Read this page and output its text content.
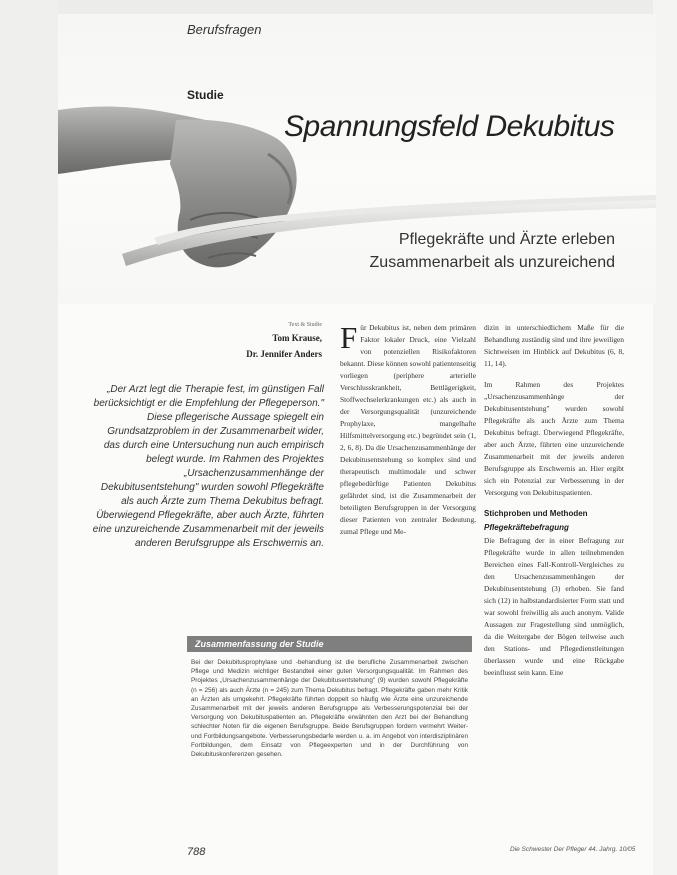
Berufsfragen
Studie
Spannungsfeld Dekubitus
Pflegekräfte und Ärzte erleben
Zusammenarbeit als unzureichend
Text & Studie
Tom Krause,
Dr. Jennifer Anders
„Der Arzt legt die Therapie fest, im günstigen Fall berücksichtigt er die Empfehlung der Pflegeperson." Diese pflegerische Aussage spiegelt ein Grundsatzproblem in der Zusammenarbeit wider, das durch eine Untersuchung nun auch empirisch belegt wurde. Im Rahmen des Projektes „Ursachenzusammenhänge der Dekubitusentstehung" wurden sowohl Pflegekräfte als auch Ärzte zum Thema Dekubitus befragt. Überwiegend Pflegekräfte, aber auch Ärzte, führten eine unzureichende Zusammenarbeit mit der jeweils anderen Berufsgruppe als Erschwernis an.
F ür Dekubitus ist, neben dem primären Faktor lokaler Druck, eine Vielzahl von potenziellen Risikofaktoren bekannt. Diese können sowohl patientenseitig vorliegen (periphere arterielle Verschlusskrankheit, Bettlägerigkeit, Stoffwechselerkrankungen etc.) als auch in der Versorgungsqualität (unzureichende Prophylaxe, mangelhafte Hilfsmittelversorgung etc.) begründet sein (1, 2, 6, 8). Da die Ursachenzusammenhänge der Dekubitusentstehung so komplex sind und therapeutisch multimodale und schwer pflegebedürftige Patienten Dekubitus gefährdet sind, ist die Zusammenarbeit der beteiligten Berufsgruppen in der Versorgung dieser Patienten von zentraler Bedeutung, zumal Pflege und Me-

dizin in unterschiedlichem Maße für die Behandlung zuständig sind und ihre jeweiligen Sichtweisen im Hinblick auf Dekubitus (6, 8, 11, 14).

Im Rahmen des Projektes „Ursachenzusammenhänge der Dekubitusentstehung" wurden sowohl Pflegekräfte als auch Ärzte zum Thema Dekubitus befragt. Überwiegend Pflegekräfte, aber auch Ärzte, führten eine unzureichende Zusammenarbeit mit der jeweils anderen Berufsgruppe als Erschwernis an. Hier ergibt sich ein Potenzial zur Verbesserung in der Versorgung von Dekubituspatienten.

Stichproben und Methoden
Pflegekräftebefragung

Die Befragung der in einer Befragung zur Pflegekräfte wurde in allen teilnehmenden Bereichen eines Fall-Kontroll-Vergleiches zu den Ursachenzusammenhängen der Dekubitusentstehung (3) erhoben. Sie fand sich (12) in halbstandardisierter Form statt und war sowohl freiwillig als auch anonym. Valide Aussagen zur Fragestellung sind unmöglich, da die Weitergabe der Bögen teilweise auch den Stations- und Pflegedienstleitungen überlassen wurde und eine Rückgabe beeinflusst sein kann. Eine

Zusammenfassung der Studie
Bei der Dekubitusprophylaxe und -behandlung ist die berufliche Zusammenarbeit zwischen Pflege und Medizin wichtiger Bestandteil einer guten Versorgungsqualität. Im Rahmen des Projektes „Ursachenzusammenhänge der Dekubitusentstehung" (9) wurden sowohl Pflegekräfte (n = 256) als auch Ärzte (n = 245) zum Thema Dekubitus befragt. Pflegekräfte gaben mehr Kritik an Ärzten als umgekehrt. Pflegekräfte führten doppelt so häufig wie Ärzte eine unzureichende Zusammenarbeit mit der jeweils anderen Berufsgruppe als Verbesserungspotenzial bei der Versorgung von Dekubituspatienten an. Pflegekräfte erwähnten den Arzt bei der Behandlung schlechter Noten für die eigenen Berufsgruppe. Beide Berufsgruppen fordern vermehrt Weiter- und Fortbildungsangebote. Verbesserungsbedarfe werden u. a. im Angebot von interdisziplinären Fortbildungen, dem Einsatz von Pflegeexperten und in der Durchführung von Dekubituskonferenzen gesehen.
788	Die Schwester Der Pfleger 44. Jahrg. 10/05
